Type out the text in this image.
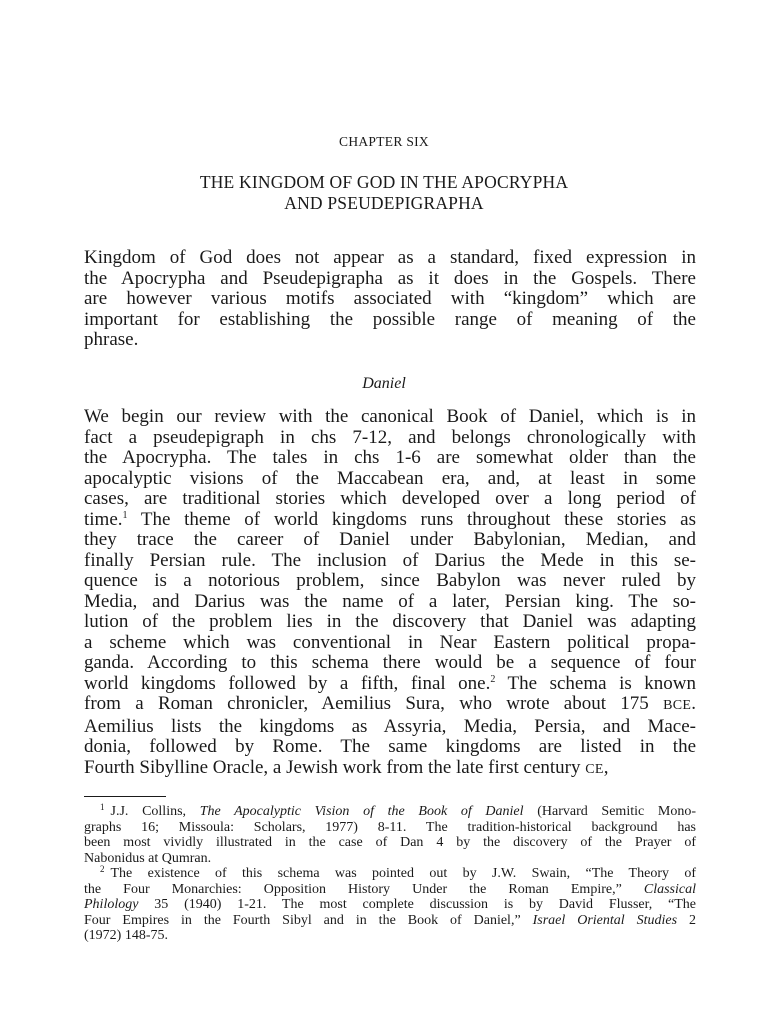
CHAPTER SIX
THE KINGDOM OF GOD IN THE APOCRYPHA
AND PSEUDEPIGRAPHA
Kingdom of God does not appear as a standard, fixed expression in
the Apocrypha and Pseudepigrapha as it does in the Gospels. There
are however various motifs associated with “kingdom” which are
important for establishing the possible range of meaning of the
phrase.
Daniel
We begin our review with the canonical Book of Daniel, which is in
fact a pseudepigraph in chs 7-12, and belongs chronologically with
the Apocrypha. The tales in chs 1-6 are somewhat older than the
apocalyptic visions of the Maccabean era, and, at least in some
cases, are traditional stories which developed over a long period of
time.$^1$ The theme of world kingdoms runs throughout these stories as
they trace the career of Daniel under Babylonian, Median, and
finally Persian rule. The inclusion of Darius the Mede in this se-
quence is a notorious problem, since Babylon was never ruled by
Media, and Darius was the name of a later, Persian king. The so-
lution of the problem lies in the discovery that Daniel was adapting
a scheme which was conventional in Near Eastern political propa-
ganda. According to this schema there would be a sequence of four
world kingdoms followed by a fifth, final one.$^2$ The schema is known
from a Roman chronicler, Aemilius Sura, who wrote about 175 BCE.
Aemilius lists the kingdoms as Assyria, Media, Persia, and Mace-
donia, followed by Rome. The same kingdoms are listed in the
Fourth Sibylline Oracle, a Jewish work from the late first century CE,
$^1$ J.J. Collins, The Apocalyptic Vision of the Book of Daniel (Harvard Semitic Mono-
graphs 16; Missoula: Scholars, 1977) 8-11. The tradition-historical background has
been most vividly illustrated in the case of Dan 4 by the discovery of the Prayer of
Nabonidus at Qumran.
$^2$ The existence of this schema was pointed out by J.W. Swain, “The Theory of
the Four Monarchies: Opposition History Under the Roman Empire,” Classical
Philology 35 (1940) 1-21. The most complete discussion is by David Flusser, “The
Four Empires in the Fourth Sibyl and in the Book of Daniel,” Israel Oriental Studies 2
(1972) 148-75.
